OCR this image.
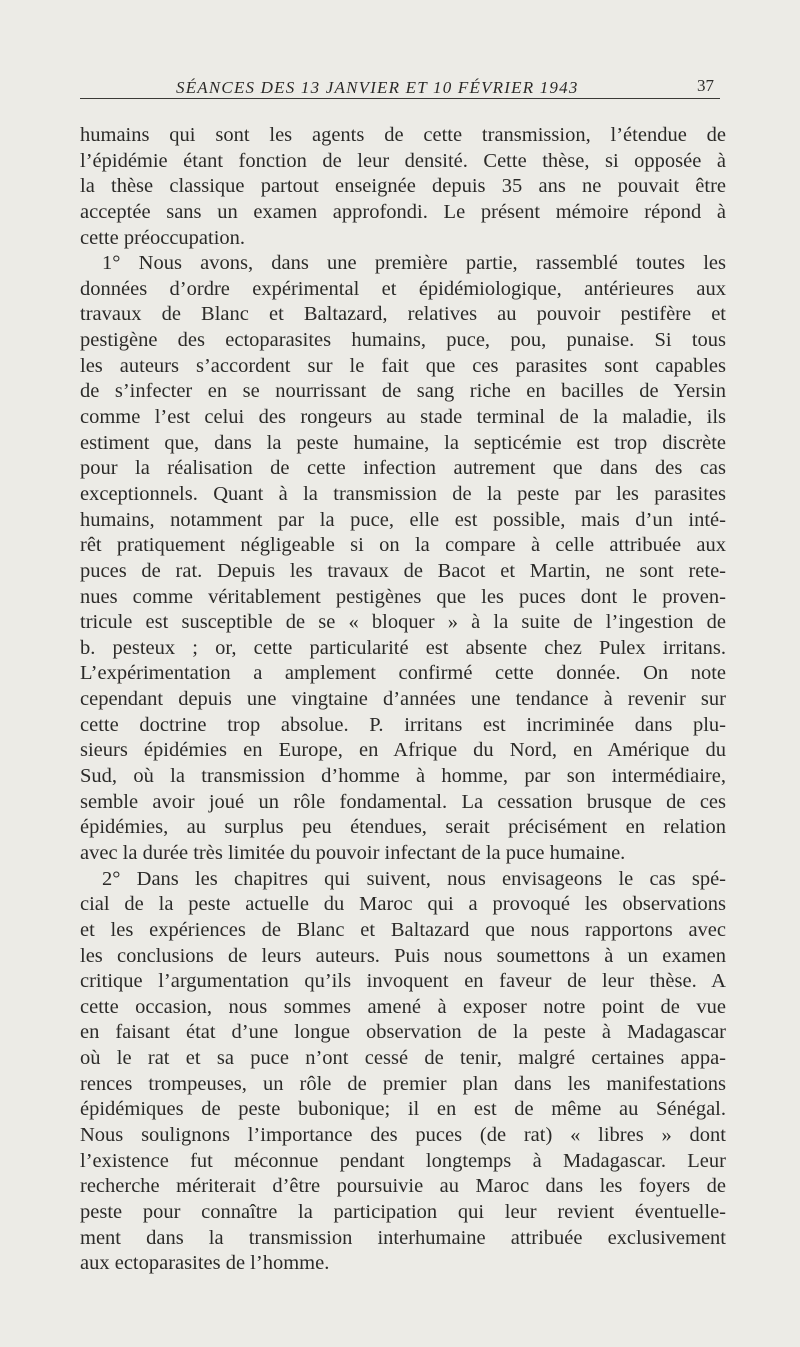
SÉANCES DES 13 JANVIER ET 10 FÉVRIER 1943	37
humains qui sont les agents de cette transmission, l’étendue de
l’épidémie étant fonction de leur densité. Cette thèse, si opposée à
la thèse classique partout enseignée depuis 35 ans ne pouvait être
acceptée sans un examen approfondi. Le présent mémoire répond à
cette préoccupation.
1° Nous avons, dans une première partie, rassemblé toutes les
données d’ordre expérimental et épidémiologique, antérieures aux
travaux de Blanc et Baltazard, relatives au pouvoir pestifère et
pestigène des ectoparasites humains, puce, pou, punaise. Si tous
les auteurs s’accordent sur le fait que ces parasites sont capables
de s’infecter en se nourrissant de sang riche en bacilles de Yersin
comme l’est celui des rongeurs au stade terminal de la maladie, ils
estiment que, dans la peste humaine, la septicémie est trop discrète
pour la réalisation de cette infection autrement que dans des cas
exceptionnels. Quant à la transmission de la peste par les parasites
humains, notamment par la puce, elle est possible, mais d’un inté-
rêt pratiquement négligeable si on la compare à celle attribuée aux
puces de rat. Depuis les travaux de Bacot et Martin, ne sont rete-
nues comme véritablement pestigènes que les puces dont le proven-
tricule est susceptible de se « bloquer » à la suite de l’ingestion de
b. pesteux ; or, cette particularité est absente chez Pulex irritans.
L’expérimentation a amplement confirmé cette donnée. On note
cependant depuis une vingtaine d’années une tendance à revenir sur
cette doctrine trop absolue. P. irritans est incriminée dans plu-
sieurs épidémies en Europe, en Afrique du Nord, en Amérique du
Sud, où la transmission d’homme à homme, par son intermédiaire,
semble avoir joué un rôle fondamental. La cessation brusque de ces
épidémies, au surplus peu étendues, serait précisément en relation
avec la durée très limitée du pouvoir infectant de la puce humaine.
2° Dans les chapitres qui suivent, nous envisageons le cas spé-
cial de la peste actuelle du Maroc qui a provoqué les observations
et les expériences de Blanc et Baltazard que nous rapportons avec
les conclusions de leurs auteurs. Puis nous soumettons à un examen
critique l’argumentation qu’ils invoquent en faveur de leur thèse. A
cette occasion, nous sommes amené à exposer notre point de vue
en faisant état d’une longue observation de la peste à Madagascar
où le rat et sa puce n’ont cessé de tenir, malgré certaines appa-
rences trompeuses, un rôle de premier plan dans les manifestations
épidémiques de peste bubonique; il en est de même au Sénégal.
Nous soulignons l’importance des puces (de rat) « libres » dont
l’existence fut méconnue pendant longtemps à Madagascar. Leur
recherche mériterait d’être poursuivie au Maroc dans les foyers de
peste pour connaître la participation qui leur revient éventuelle-
ment dans la transmission interhumaine attribuée exclusivement
aux ectoparasites de l’homme.
